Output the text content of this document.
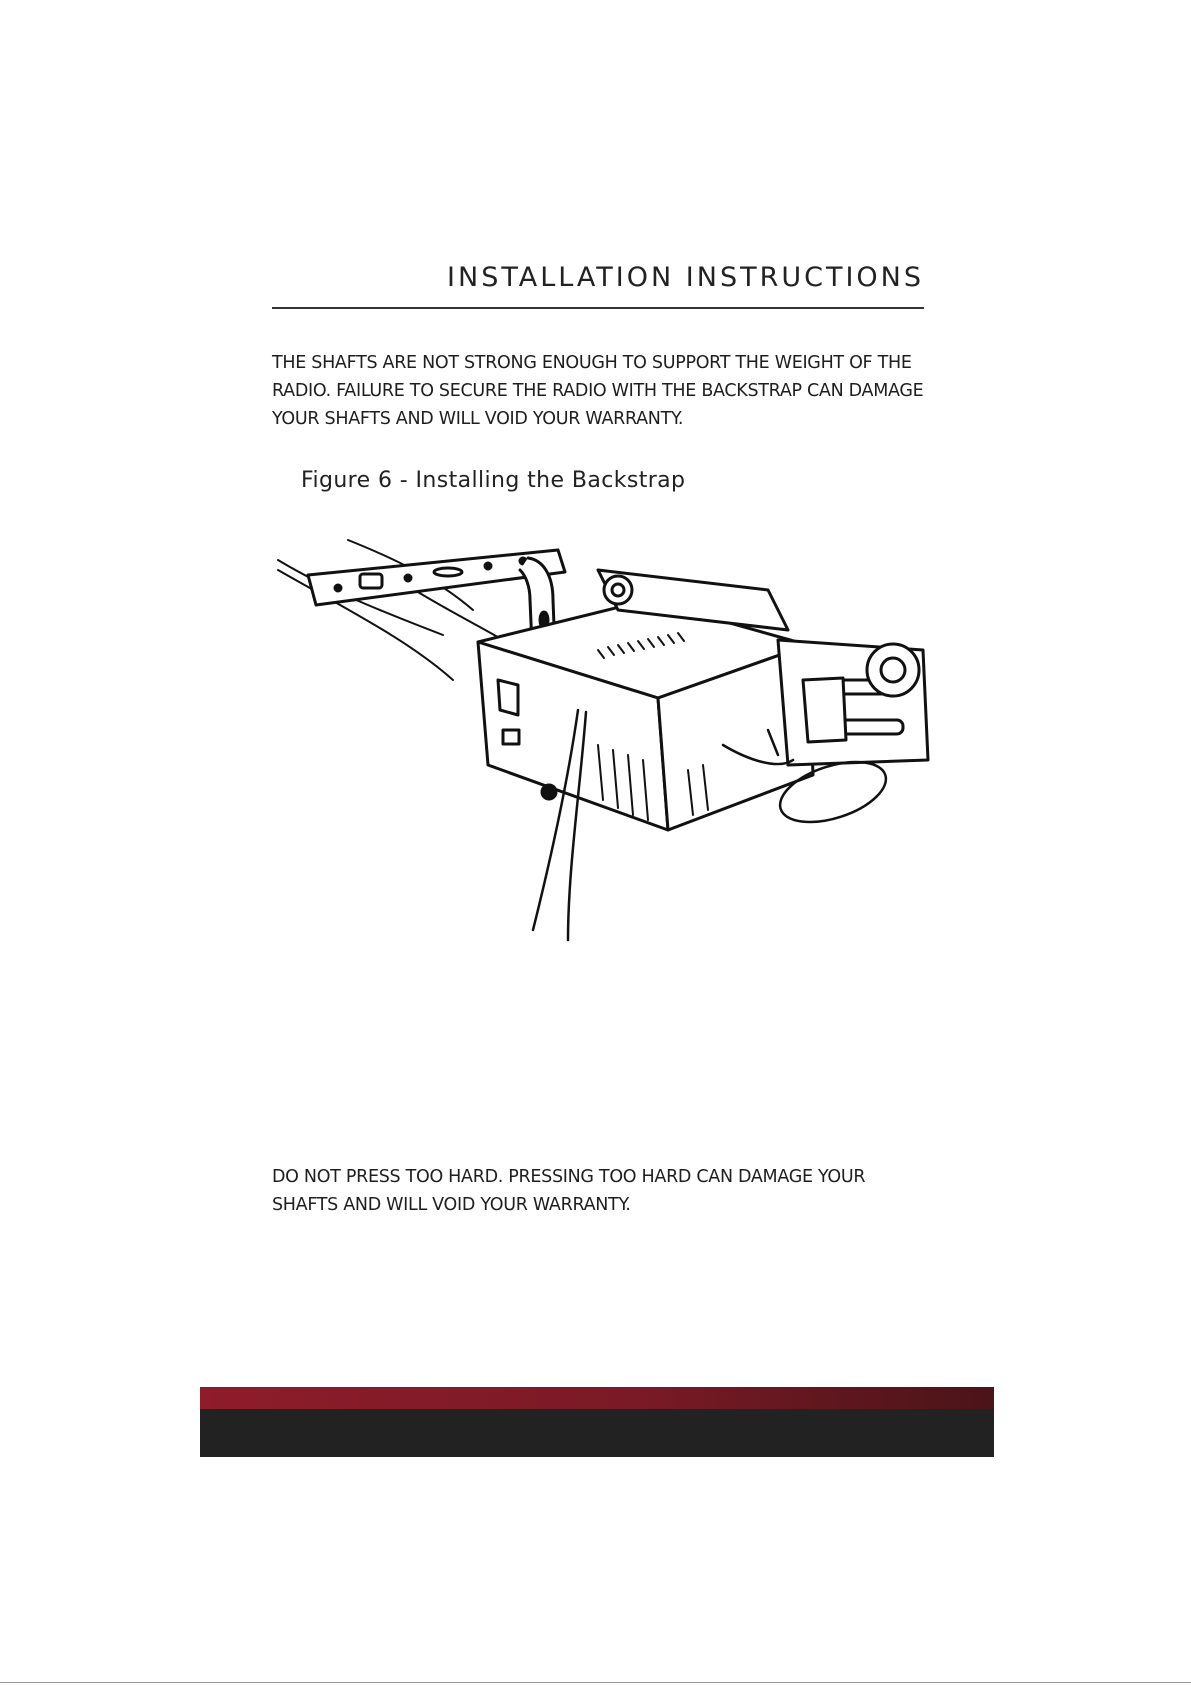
INSTALLATION INSTRUCTIONS
THE SHAFTS ARE NOT STRONG ENOUGH TO SUPPORT THE WEIGHT OF THE RADIO. FAILURE TO SECURE THE RADIO WITH THE BACKSTRAP CAN DAMAGE YOUR SHAFTS AND WILL VOID YOUR WARRANTY.
Figure 6 - Installing the Backstrap
DO NOT PRESS TOO HARD. PRESSING TOO HARD CAN DAMAGE YOUR SHAFTS AND WILL VOID YOUR WARRANTY.
